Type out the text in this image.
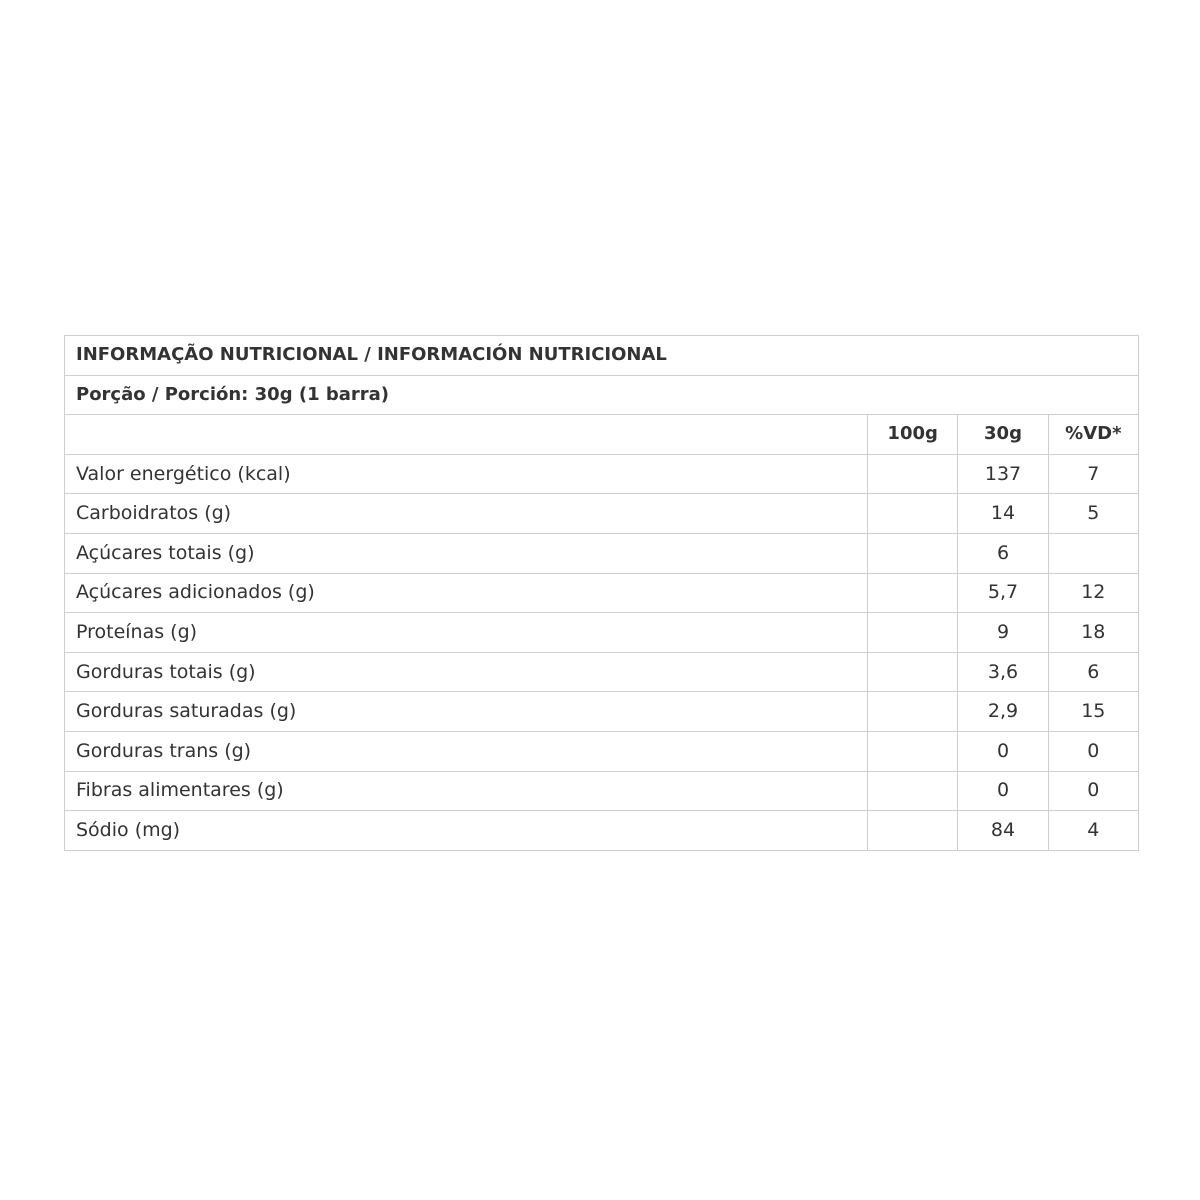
INFORMAÇÃO NUTRICIONAL / INFORMACIÓN NUTRICIONAL			
Porção / Porción: 30g (1 barra)			
	100g	30g	%VD*
Valor energético (kcal)		137	7
Carboidratos (g)		14	5
Açúcares totais (g)		6	
Açúcares adicionados (g)		5,7	12
Proteínas (g)		9	18
Gorduras totais (g)		3,6	6
Gorduras saturadas (g)		2,9	15
Gorduras trans (g)		0	0
Fibras alimentares (g)		0	0
Sódio (mg)		84	4
